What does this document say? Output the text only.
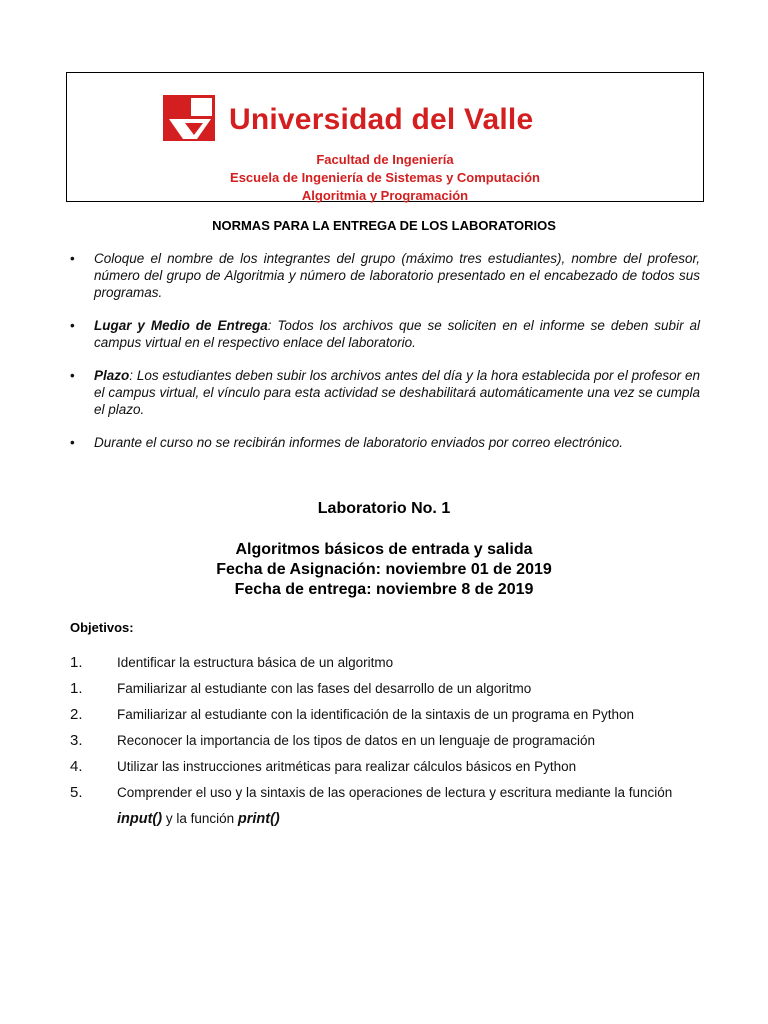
Universidad del Valle
Facultad de Ingeniería
Escuela de Ingeniería de Sistemas y Computación
Algoritmia y Programación
NORMAS PARA LA ENTREGA DE LOS LABORATORIOS
• Coloque el nombre de los integrantes del grupo (máximo tres estudiantes), nombre del profesor, número del grupo de Algoritmia y número de laboratorio presentado en el encabezado de todos sus programas.
• Lugar y Medio de Entrega: Todos los archivos que se soliciten en el informe se deben subir al campus virtual en el respectivo enlace del laboratorio.
• Plazo: Los estudiantes deben subir los archivos antes del día y la hora establecida por el profesor en el campus virtual, el vínculo para esta actividad se deshabilitará automáticamente una vez se cumpla el plazo.
• Durante el curso no se recibirán informes de laboratorio enviados por correo electrónico.
Laboratorio No. 1
Algoritmos básicos de entrada y salida
Fecha de Asignación: noviembre 01 de 2019
Fecha de entrega: noviembre 8 de 2019
Objetivos:
1.	Identificar la estructura básica de un algoritmo
1.	Familiarizar al estudiante con las fases del desarrollo de un algoritmo
2.	Familiarizar al estudiante con la identificación de la sintaxis de un programa en Python
3.	Reconocer la importancia de los tipos de datos en un lenguaje de programación
4.	Utilizar las instrucciones aritméticas para realizar cálculos básicos en Python
5.	Comprender el uso y la sintaxis de las operaciones de lectura y escritura mediante la función
input() y la función print()
